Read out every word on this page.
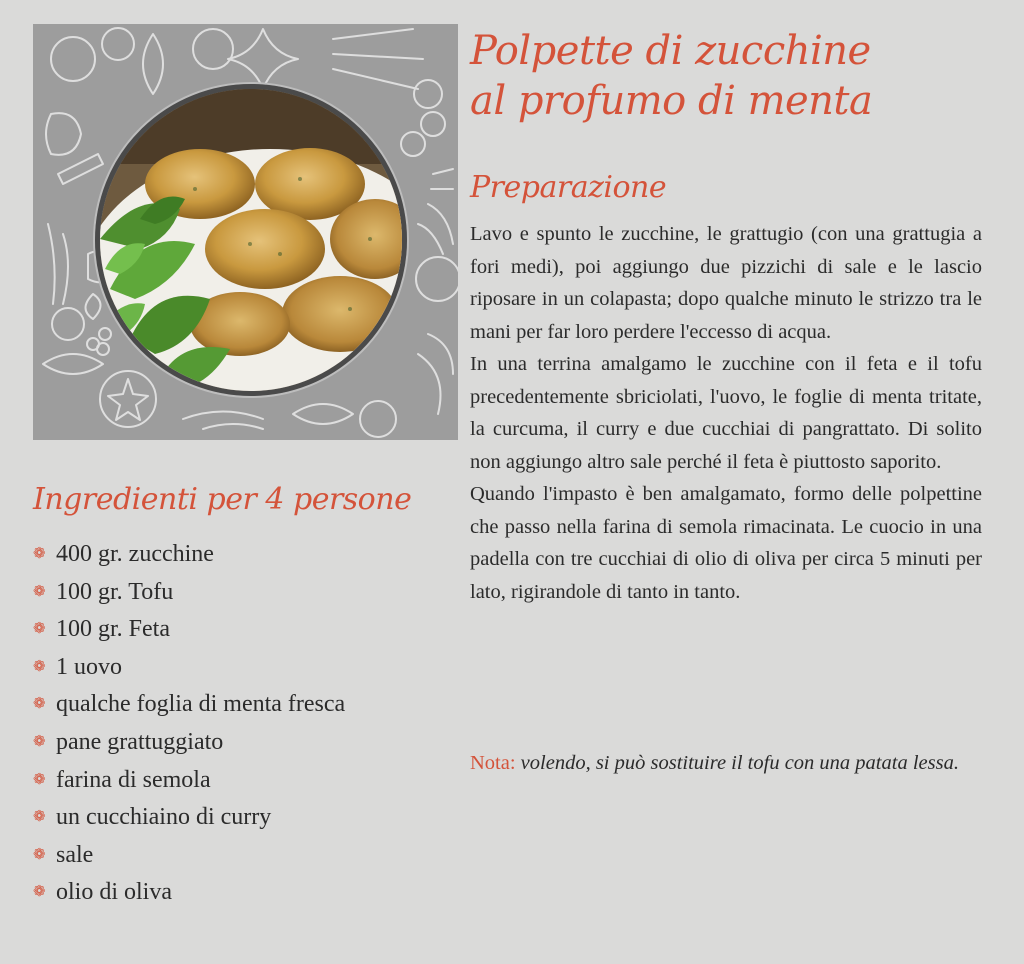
Polpette di zucchine
al profumo di menta
Preparazione

Lavo e spunto le zucchine, le grattugio (con una grattugia a fori medi), poi aggiungo due pizzichi di sale e le lascio riposare in un colapasta; dopo qualche minuto le strizzo tra le mani per far loro perdere l'eccesso di acqua.

In una terrina amalgamo le zucchine con il feta e il tofu precedentemente sbriciolati, l'uovo, le foglie di menta tritate, la curcuma, il curry e due cucchiai di pangrattato. Di solito non aggiungo altro sale perché il feta è piuttosto saporito.

Quando l'impasto è ben amalgamato, formo delle polpettine che passo nella farina di semola rimacinata. Le cuocio in una padella con tre cucchiai di olio di oliva per circa 5 minuti per lato, rigirandole di tanto in tanto.

Nota: volendo, si può sostituire il tofu con una patata lessa.

Ingredienti per 4 persone
❁ 400 gr. zucchine
❁ 100 gr. Tofu
❁ 100 gr. Feta
❁ 1 uovo
❁ qualche foglia di menta fresca
❁ pane grattuggiato
❁ farina di semola
❁ un cucchiaino di curry
❁ sale
❁ olio di oliva
